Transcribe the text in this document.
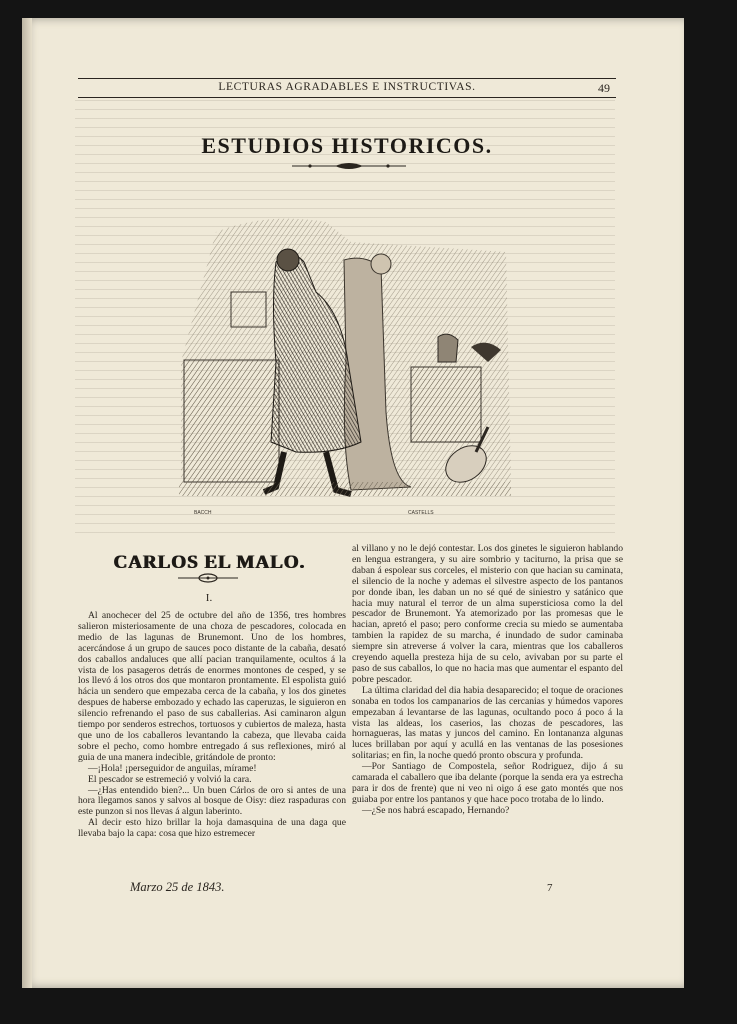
LECTURAS AGRADABLES E INSTRUCTIVAS.	49
ESTUDIOS HISTORICOS.
BACCH	CASTELLS
CARLOS EL MALO.
I.

Al anochecer del 25 de octubre del año de 1356, tres hombres salieron misteriosamente de una choza de pescadores, colocada en medio de las lagunas de Brunemont. Uno de los hombres, acercándose á un grupo de sauces poco distante de la cabaña, desató dos caballos andaluces que allí pacian tranquilamente, ocultos á la vista de los pasageros detrás de enormes montones de cesped, y se los llevó á los otros dos que montaron prontamente. El espolista guió hácia un sendero que empezaba cerca de la cabaña, y los dos ginetes despues de haberse embozado y echado las caperuzas, le siguieron en silencio refrenando el paso de sus caballerias. Asi caminaron algun tiempo por senderos estrechos, tortuosos y cubiertos de maleza, hasta que uno de los caballeros levantando la cabeza, que llevaba caida sobre el pecho, como hombre entregado á sus reflexiones, miró al guia de una manera indecible, gritándole de pronto:

—¡Hola! ¡perseguidor de anguilas, mírame!

El pescador se estremeció y volvió la cara.

—¿Has entendido bien?... Un buen Cárlos de oro si antes de una hora llegamos sanos y salvos al bosque de Oisy: diez raspaduras con este punzon si nos llevas á algun laberinto.

Al decir esto hizo brillar la hoja damasquina de una daga que llevaba bajo la capa: cosa que hizo estremecer

al villano y no le dejó contestar. Los dos ginetes le siguieron hablando en lengua estrangera, y su aire sombrio y taciturno, la prisa que se daban á espolear sus corceles, el misterio con que hacian su caminata, el silencio de la noche y ademas el silvestre aspecto de los pantanos por donde iban, les daban un no sé qué de siniestro y satánico que hacia muy natural el terror de un alma supersticiosa como la del pescador de Brunemont. Ya atemorizado por las promesas que le hacian, apretó el paso; pero conforme crecia su miedo se aumentaba tambien la rapidez de su marcha, é inundado de sudor caminaba siempre sin atreverse á volver la cara, mientras que los caballeros creyendo aquella presteza hija de su celo, avivaban por su parte el paso de sus caballos, lo que no hacia mas que aumentar el espanto del pobre pescador.

La última claridad del dia habia desaparecido; el toque de oraciones sonaba en todos los campanarios de las cercanias y húmedos vapores empezaban á levantarse de las lagunas, ocultando poco á poco á la vista las aldeas, los caserios, las chozas de pescadores, las hornagueras, las matas y juncos del camino. En lontananza algunas luces brillaban por aquí y acullá en las ventanas de las posesiones solitarias; en fin, la noche quedó pronto obscura y profunda.

—Por Santiago de Compostela, señor Rodriguez, dijo á su camarada el caballero que iba delante (porque la senda era ya estrecha para ir dos de frente) que ni veo ni oigo á ese gato montés que nos guiaba por entre los pantanos y que hace poco trotaba de lo lindo.

—¿Se nos habrá escapado, Hernando?

Marzo 25 de 1843.	7
